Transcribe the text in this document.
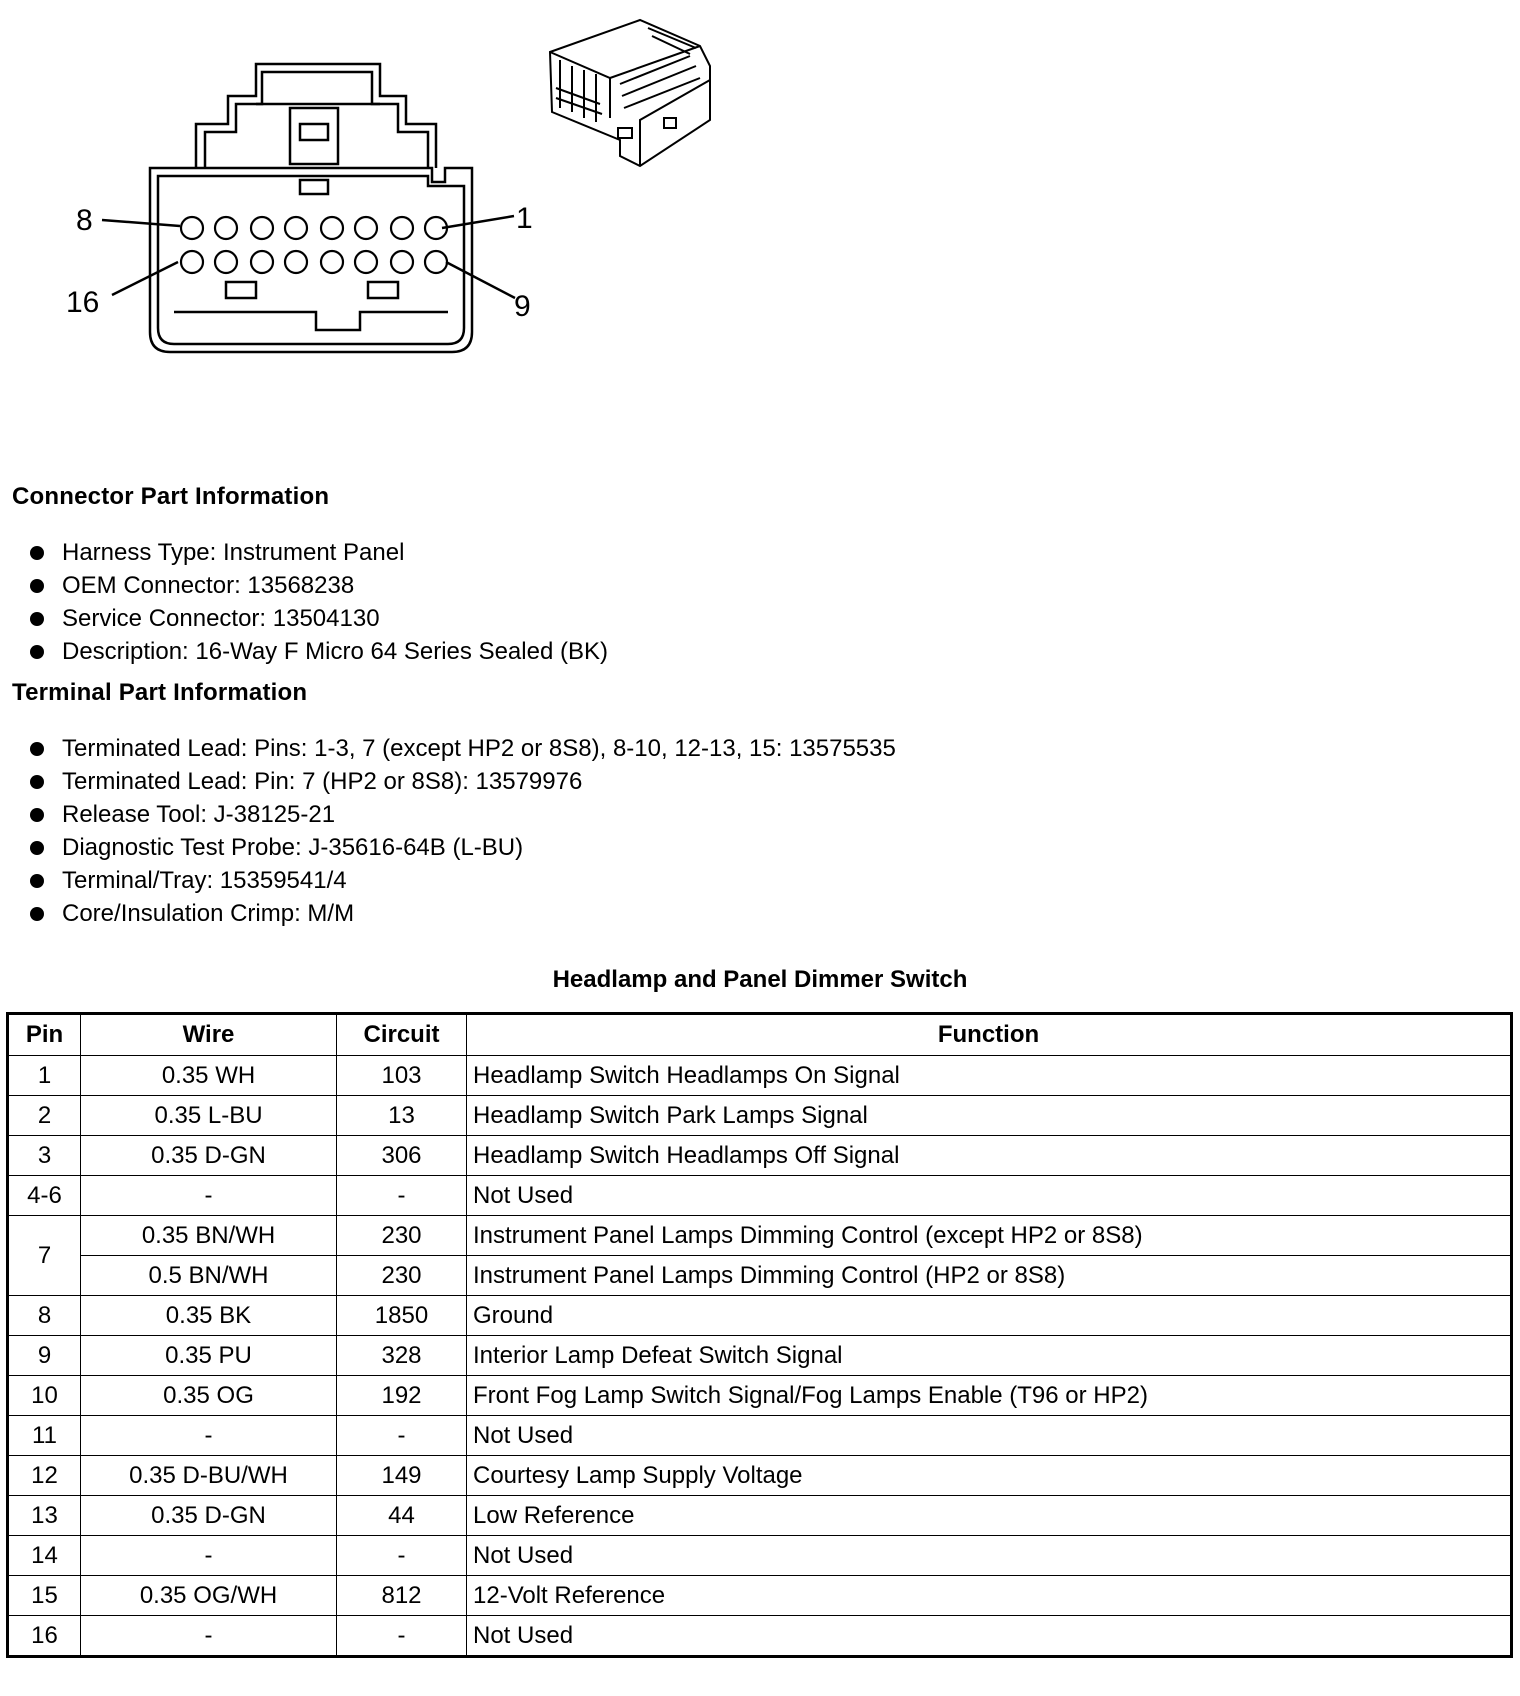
8	1
16	9
Connector Part Information
Harness Type: Instrument Panel
OEM Connector: 13568238
Service Connector: 13504130
Description: 16-Way F Micro 64 Series Sealed (BK)
Terminal Part Information
Terminated Lead: Pins: 1-3, 7 (except HP2 or 8S8), 8-10, 12-13, 15: 13575535
Terminated Lead: Pin: 7 (HP2 or 8S8): 13579976
Release Tool: J-38125-21
Diagnostic Test Probe: J-35616-64B (L-BU)
Terminal/Tray: 15359541/4
Core/Insulation Crimp: M/M
Headlamp and Panel Dimmer Switch
Pin	Wire	Circuit	Function
1	0.35 WH	103	Headlamp Switch Headlamps On Signal
2	0.35 L-BU	13	Headlamp Switch Park Lamps Signal
3	0.35 D-GN	306	Headlamp Switch Headlamps Off Signal
4-6	-	-	Not Used
7	0.35 BN/WH	230	Instrument Panel Lamps Dimming Control (except HP2 or 8S8)
	0.5 BN/WH	230	Instrument Panel Lamps Dimming Control (HP2 or 8S8)
8	0.35 BK	1850	Ground
9	0.35 PU	328	Interior Lamp Defeat Switch Signal
10	0.35 OG	192	Front Fog Lamp Switch Signal/Fog Lamps Enable (T96 or HP2)
11	-	-	Not Used
12	0.35 D-BU/WH	149	Courtesy Lamp Supply Voltage
13	0.35 D-GN	44	Low Reference
14	-	-	Not Used
15	0.35 OG/WH	812	12-Volt Reference
16	-	-	Not Used
